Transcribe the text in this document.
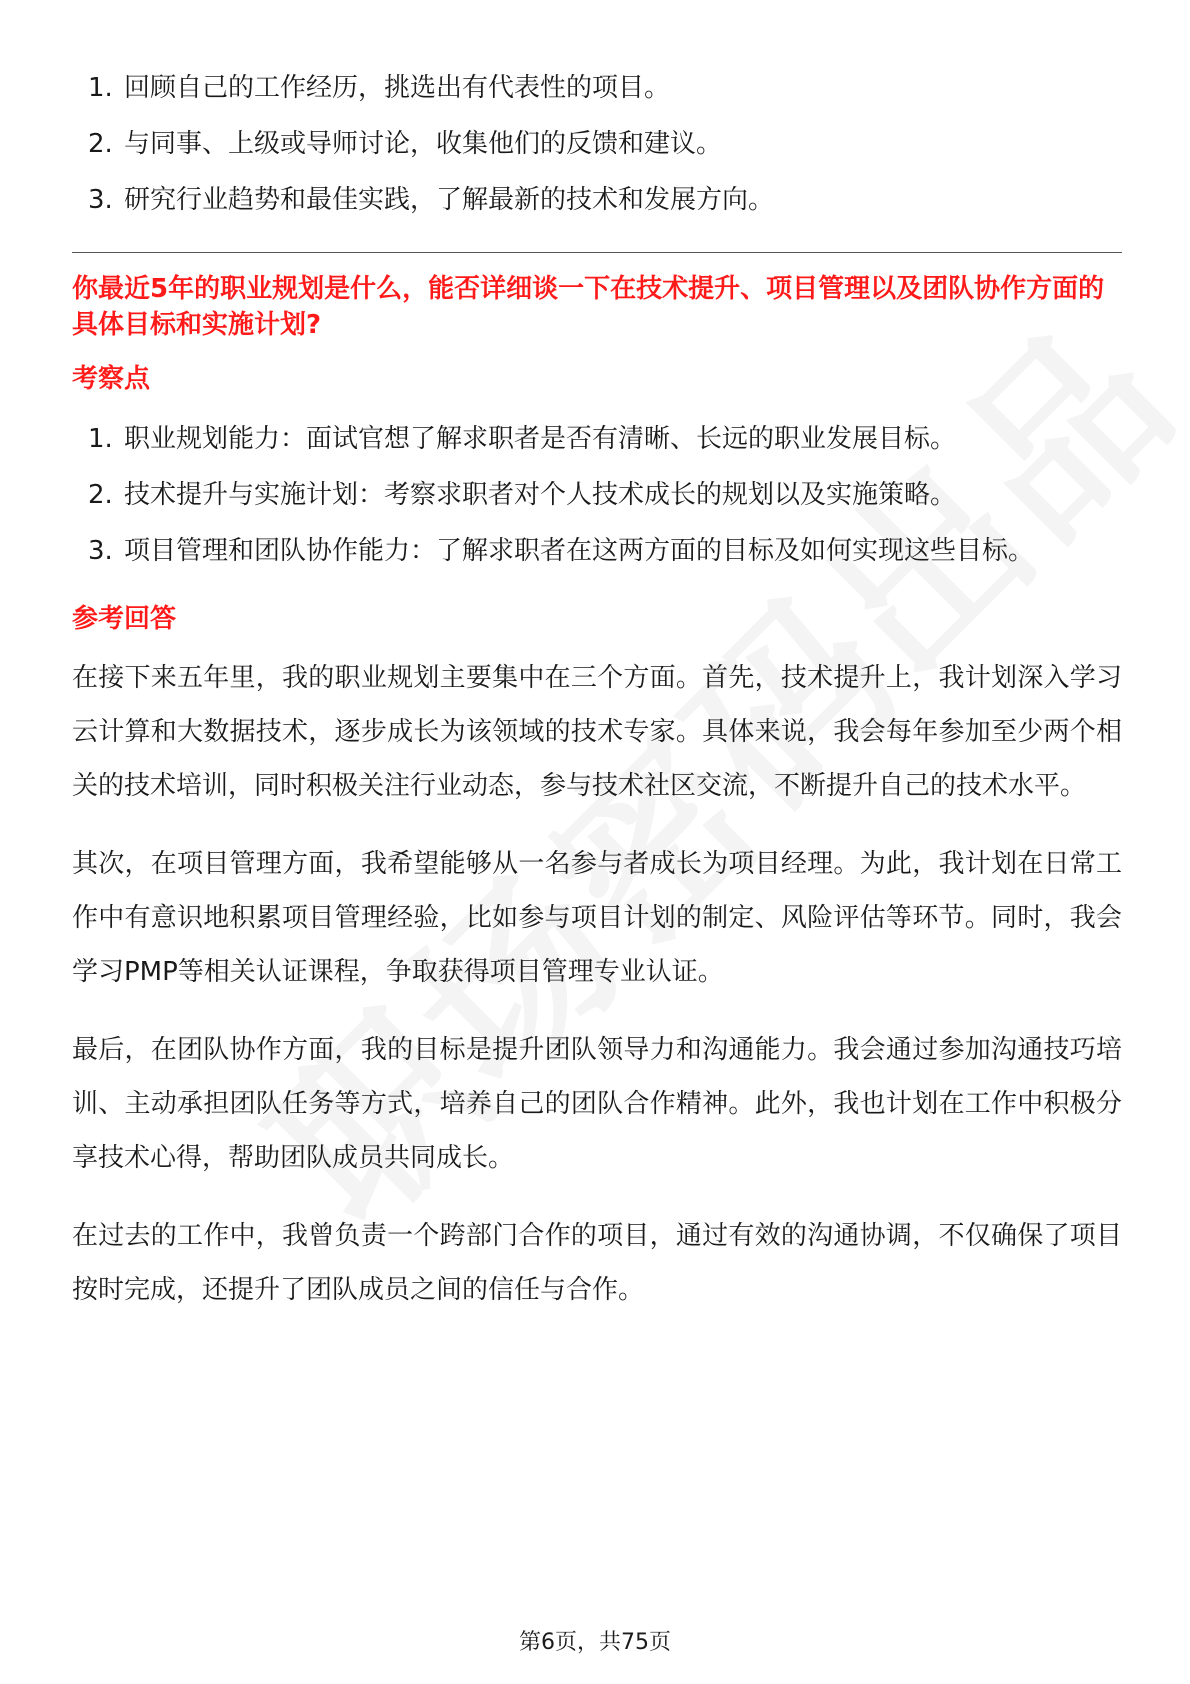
1. 回顾自己的工作经历，挑选出有代表性的项目。
2. 与同事、上级或导师讨论，收集他们的反馈和建议。
3. 研究行业趋势和最佳实践，了解最新的技术和发展方向。
你最近5年的职业规划是什么，能否详细谈一下在技术提升、项目管理以及团队协作方面的具体目标和实施计划?
考察点
1. 职业规划能力：面试官想了解求职者是否有清晰、长远的职业发展目标。
2. 技术提升与实施计划：考察求职者对个人技术成长的规划以及实施策略。
3. 项目管理和团队协作能力：了解求职者在这两方面的目标及如何实现这些目标。
参考回答

在接下来五年里，我的职业规划主要集中在三个方面。首先，技术提升上，我计划深入学习云计算和大数据技术，逐步成长为该领域的技术专家。具体来说，我会每年参加至少两个相关的技术培训，同时积极关注行业动态，参与技术社区交流，不断提升自己的技术水平。

其次，在项目管理方面，我希望能够从一名参与者成长为项目经理。为此，我计划在日常工作中有意识地积累项目管理经验，比如参与项目计划的制定、风险评估等环节。同时，我会学习PMP等相关认证课程，争取获得项目管理专业认证。

最后，在团队协作方面，我的目标是提升团队领导力和沟通能力。我会通过参加沟通技巧培训、主动承担团队任务等方式，培养自己的团队合作精神。此外，我也计划在工作中积极分享技术心得，帮助团队成员共同成长。

在过去的工作中，我曾负责一个跨部门合作的项目，通过有效的沟通协调，不仅确保了项目按时完成，还提升了团队成员之间的信任与合作。

第6页，共75页
